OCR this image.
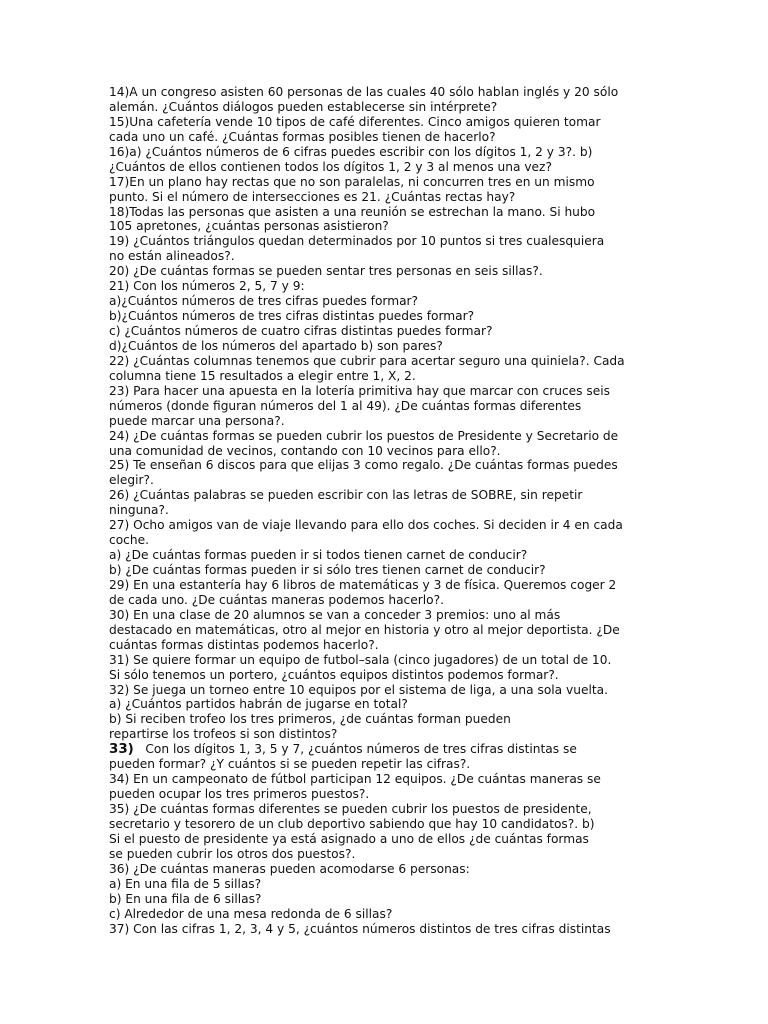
14)A un congreso asisten 60 personas de las cuales 40 sólo hablan inglés y 20 sólo
alemán. ¿Cuántos diálogos pueden establecerse sin intérprete?
15)Una cafetería vende 10 tipos de café diferentes. Cinco amigos quieren tomar
cada uno un café. ¿Cuántas formas posibles tienen de hacerlo?
16)a) ¿Cuántos números de 6 cifras puedes escribir con los dígitos 1, 2 y 3?. b)
¿Cuántos de ellos contienen todos los dígitos 1, 2 y 3 al menos una vez?
17)En un plano hay rectas que no son paralelas, ni concurren tres en un mismo
punto. Si el número de intersecciones es 21. ¿Cuántas rectas hay?
18)Todas las personas que asisten a una reunión se estrechan la mano. Si hubo
105 apretones, ¿cuántas personas asistieron?
19) ¿Cuántos triángulos quedan determinados por 10 puntos si tres cualesquiera
no están alineados?.
20) ¿De cuántas formas se pueden sentar tres personas en seis sillas?.
21) Con los números 2, 5, 7 y 9:
a)¿Cuántos números de tres cifras puedes formar?
b)¿Cuántos números de tres cifras distintas puedes formar?
c) ¿Cuántos números de cuatro cifras distintas puedes formar?
d)¿Cuántos de los números del apartado b) son pares?
22) ¿Cuántas columnas tenemos que cubrir para acertar seguro una quiniela?. Cada
columna tiene 15 resultados a elegir entre 1, X, 2.
23) Para hacer una apuesta en la lotería primitiva hay que marcar con cruces seis
números (donde figuran números del 1 al 49). ¿De cuántas formas diferentes
puede marcar una persona?.
24) ¿De cuántas formas se pueden cubrir los puestos de Presidente y Secretario de
una comunidad de vecinos, contando con 10 vecinos para ello?.
25) Te enseñan 6 discos para que elijas 3 como regalo. ¿De cuántas formas puedes
elegir?.
26) ¿Cuántas palabras se pueden escribir con las letras de SOBRE, sin repetir
ninguna?.
27) Ocho amigos van de viaje llevando para ello dos coches. Si deciden ir 4 en cada
coche.
a) ¿De cuántas formas pueden ir si todos tienen carnet de conducir?
b) ¿De cuántas formas pueden ir si sólo tres tienen carnet de conducir?
29) En una estantería hay 6 libros de matemáticas y 3 de física. Queremos coger 2
de cada uno. ¿De cuántas maneras podemos hacerlo?.
30) En una clase de 20 alumnos se van a conceder 3 premios: uno al más
destacado en matemáticas, otro al mejor en historia y otro al mejor deportista. ¿De
cuántas formas distintas podemos hacerlo?.
31) Se quiere formar un equipo de futbol–sala (cinco jugadores) de un total de 10.
Si sólo tenemos un portero, ¿cuántos equipos distintos podemos formar?.
32) Se juega un torneo entre 10 equipos por el sistema de liga, a una sola vuelta.
a) ¿Cuántos partidos habrán de jugarse en total?
b) Si reciben trofeo los tres primeros, ¿de cuántas forman pueden
repartirse los trofeos si son distintos?
33)   Con los dígitos 1, 3, 5 y 7, ¿cuántos números de tres cifras distintas se
pueden formar? ¿Y cuántos si se pueden repetir las cifras?.
34) En un campeonato de fútbol participan 12 equipos. ¿De cuántas maneras se
pueden ocupar los tres primeros puestos?.
35) ¿De cuántas formas diferentes se pueden cubrir los puestos de presidente,
secretario y tesorero de un club deportivo sabiendo que hay 10 candidatos?. b)
Si el puesto de presidente ya está asignado a uno de ellos ¿de cuántas formas
se pueden cubrir los otros dos puestos?.
36) ¿De cuántas maneras pueden acomodarse 6 personas:
a) En una fila de 5 sillas?
b) En una fila de 6 sillas?
c) Alrededor de una mesa redonda de 6 sillas?
37) Con las cifras 1, 2, 3, 4 y 5, ¿cuántos números distintos de tres cifras distintas
